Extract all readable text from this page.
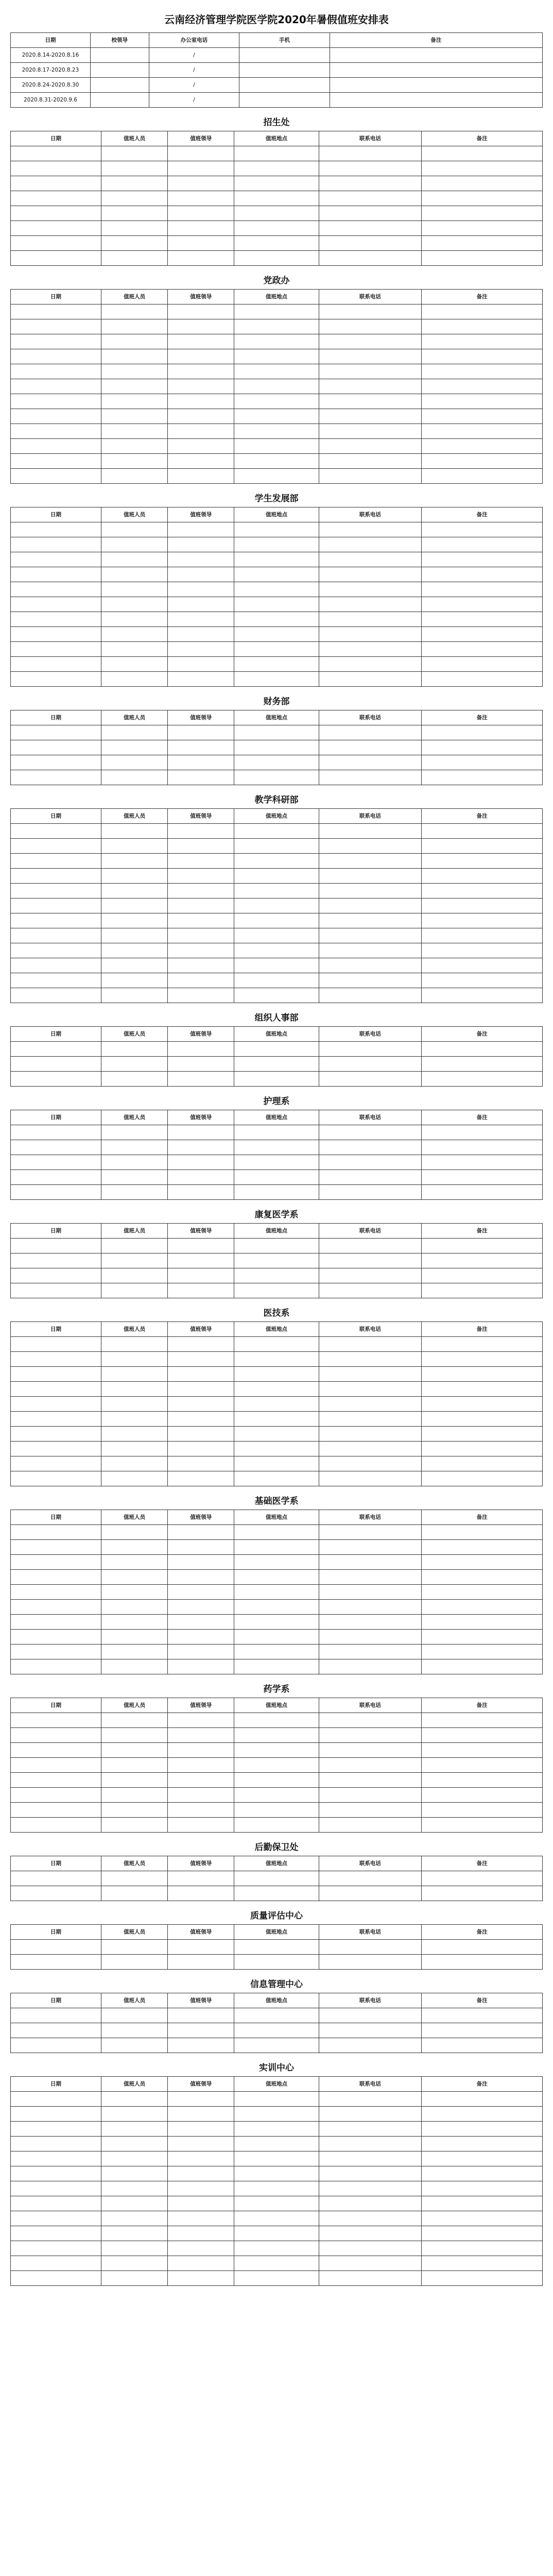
云南经济管理学院医学院2020年暑假值班安排表
日期	校领导	办公室电话	手机	备注
2020.8.14-2020.8.16		/		
2020.8.17-2020.8.23		/		
2020.8.24-2020.8.30		/		
2020.8.31-2020.9.6		/		
招生处
日期	值班人员	值班领导	值班地点	联系电话	备注

党政办
日期	值班人员	值班领导	值班地点	联系电话	备注

学生发展部
日期	值班人员	值班领导	值班地点	联系电话	备注

财务部
日期	值班人员	值班领导	值班地点	联系电话	备注

教学科研部
日期	值班人员	值班领导	值班地点	联系电话	备注

组织人事部
日期	值班人员	值班领导	值班地点	联系电话	备注

护理系
日期	值班人员	值班领导	值班地点	联系电话	备注

康复医学系
日期	值班人员	值班领导	值班地点	联系电话	备注

医技系
日期	值班人员	值班领导	值班地点	联系电话	备注

基础医学系
日期	值班人员	值班领导	值班地点	联系电话	备注

药学系
日期	值班人员	值班领导	值班地点	联系电话	备注

后勤保卫处
日期	值班人员	值班领导	值班地点	联系电话	备注

质量评估中心
日期	值班人员	值班领导	值班地点	联系电话	备注

信息管理中心
日期	值班人员	值班领导	值班地点	联系电话	备注

实训中心
日期	值班人员	值班领导	值班地点	联系电话	备注
